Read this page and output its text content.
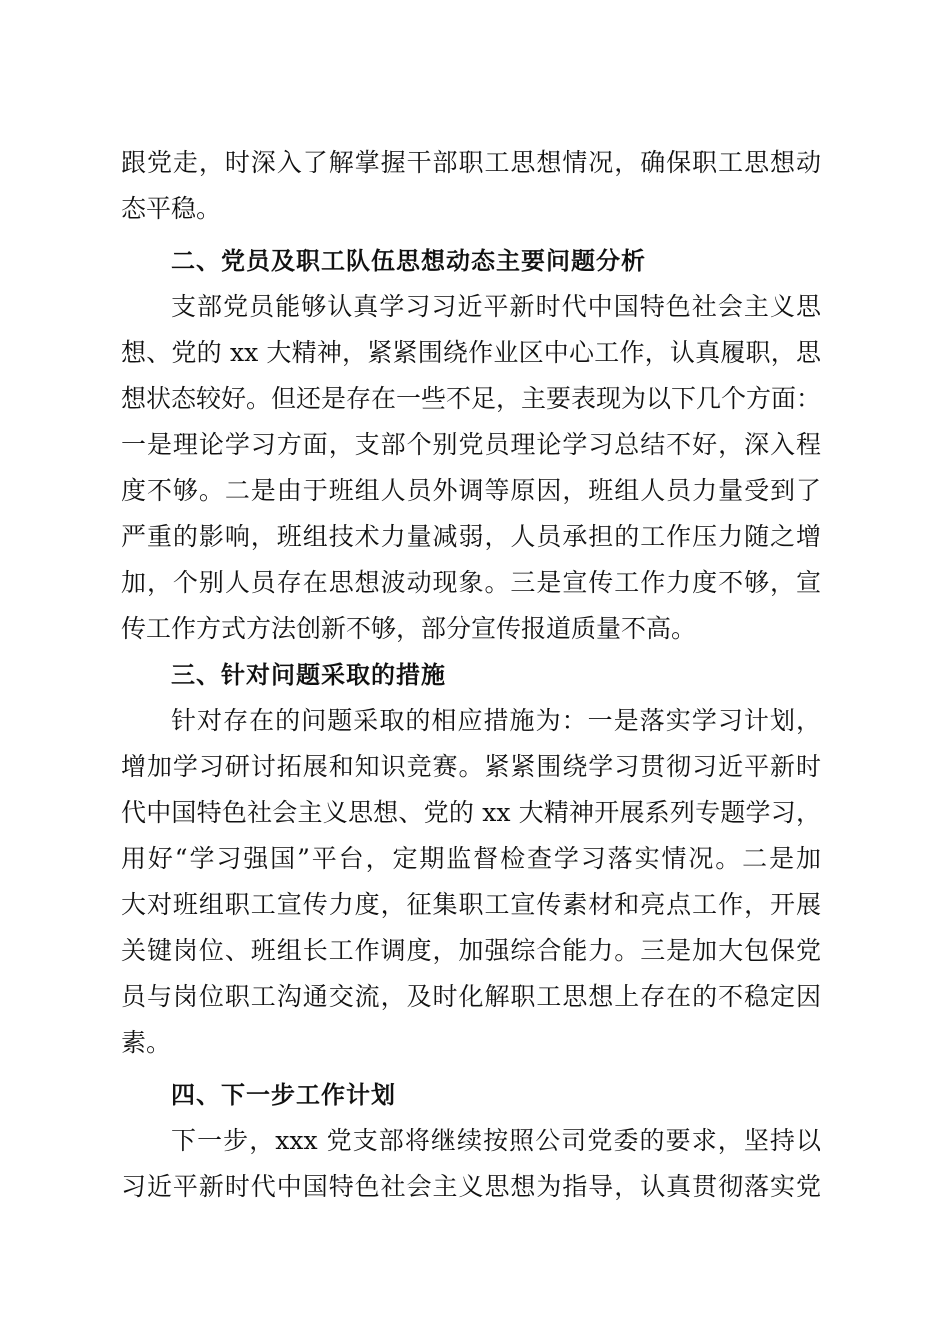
跟党走，时深入了解掌握干部职工思想情况，确保职工思想动
态平稳。
二、党员及职工队伍思想动态主要问题分析
支部党员能够认真学习习近平新时代中国特色社会主义思
想、党的 xx 大精神，紧紧围绕作业区中心工作，认真履职，思
想状态较好。但还是存在一些不足，主要表现为以下几个方面：
一是理论学习方面，支部个别党员理论学习总结不好，深入程
度不够。二是由于班组人员外调等原因，班组人员力量受到了
严重的影响，班组技术力量减弱，人员承担的工作压力随之增
加，个别人员存在思想波动现象。三是宣传工作力度不够，宣
传工作方式方法创新不够，部分宣传报道质量不高。
三、针对问题采取的措施
针对存在的问题采取的相应措施为：一是落实学习计划，
增加学习研讨拓展和知识竞赛。紧紧围绕学习贯彻习近平新时
代中国特色社会主义思想、党的 xx 大精神开展系列专题学习，
用好“学习强国”平台，定期监督检查学习落实情况。二是加
大对班组职工宣传力度，征集职工宣传素材和亮点工作，开展
关键岗位、班组长工作调度，加强综合能力。三是加大包保党
员与岗位职工沟通交流，及时化解职工思想上存在的不稳定因
素。
四、下一步工作计划
下一步，xxx 党支部将继续按照公司党委的要求，坚持以
习近平新时代中国特色社会主义思想为指导，认真贯彻落实党
